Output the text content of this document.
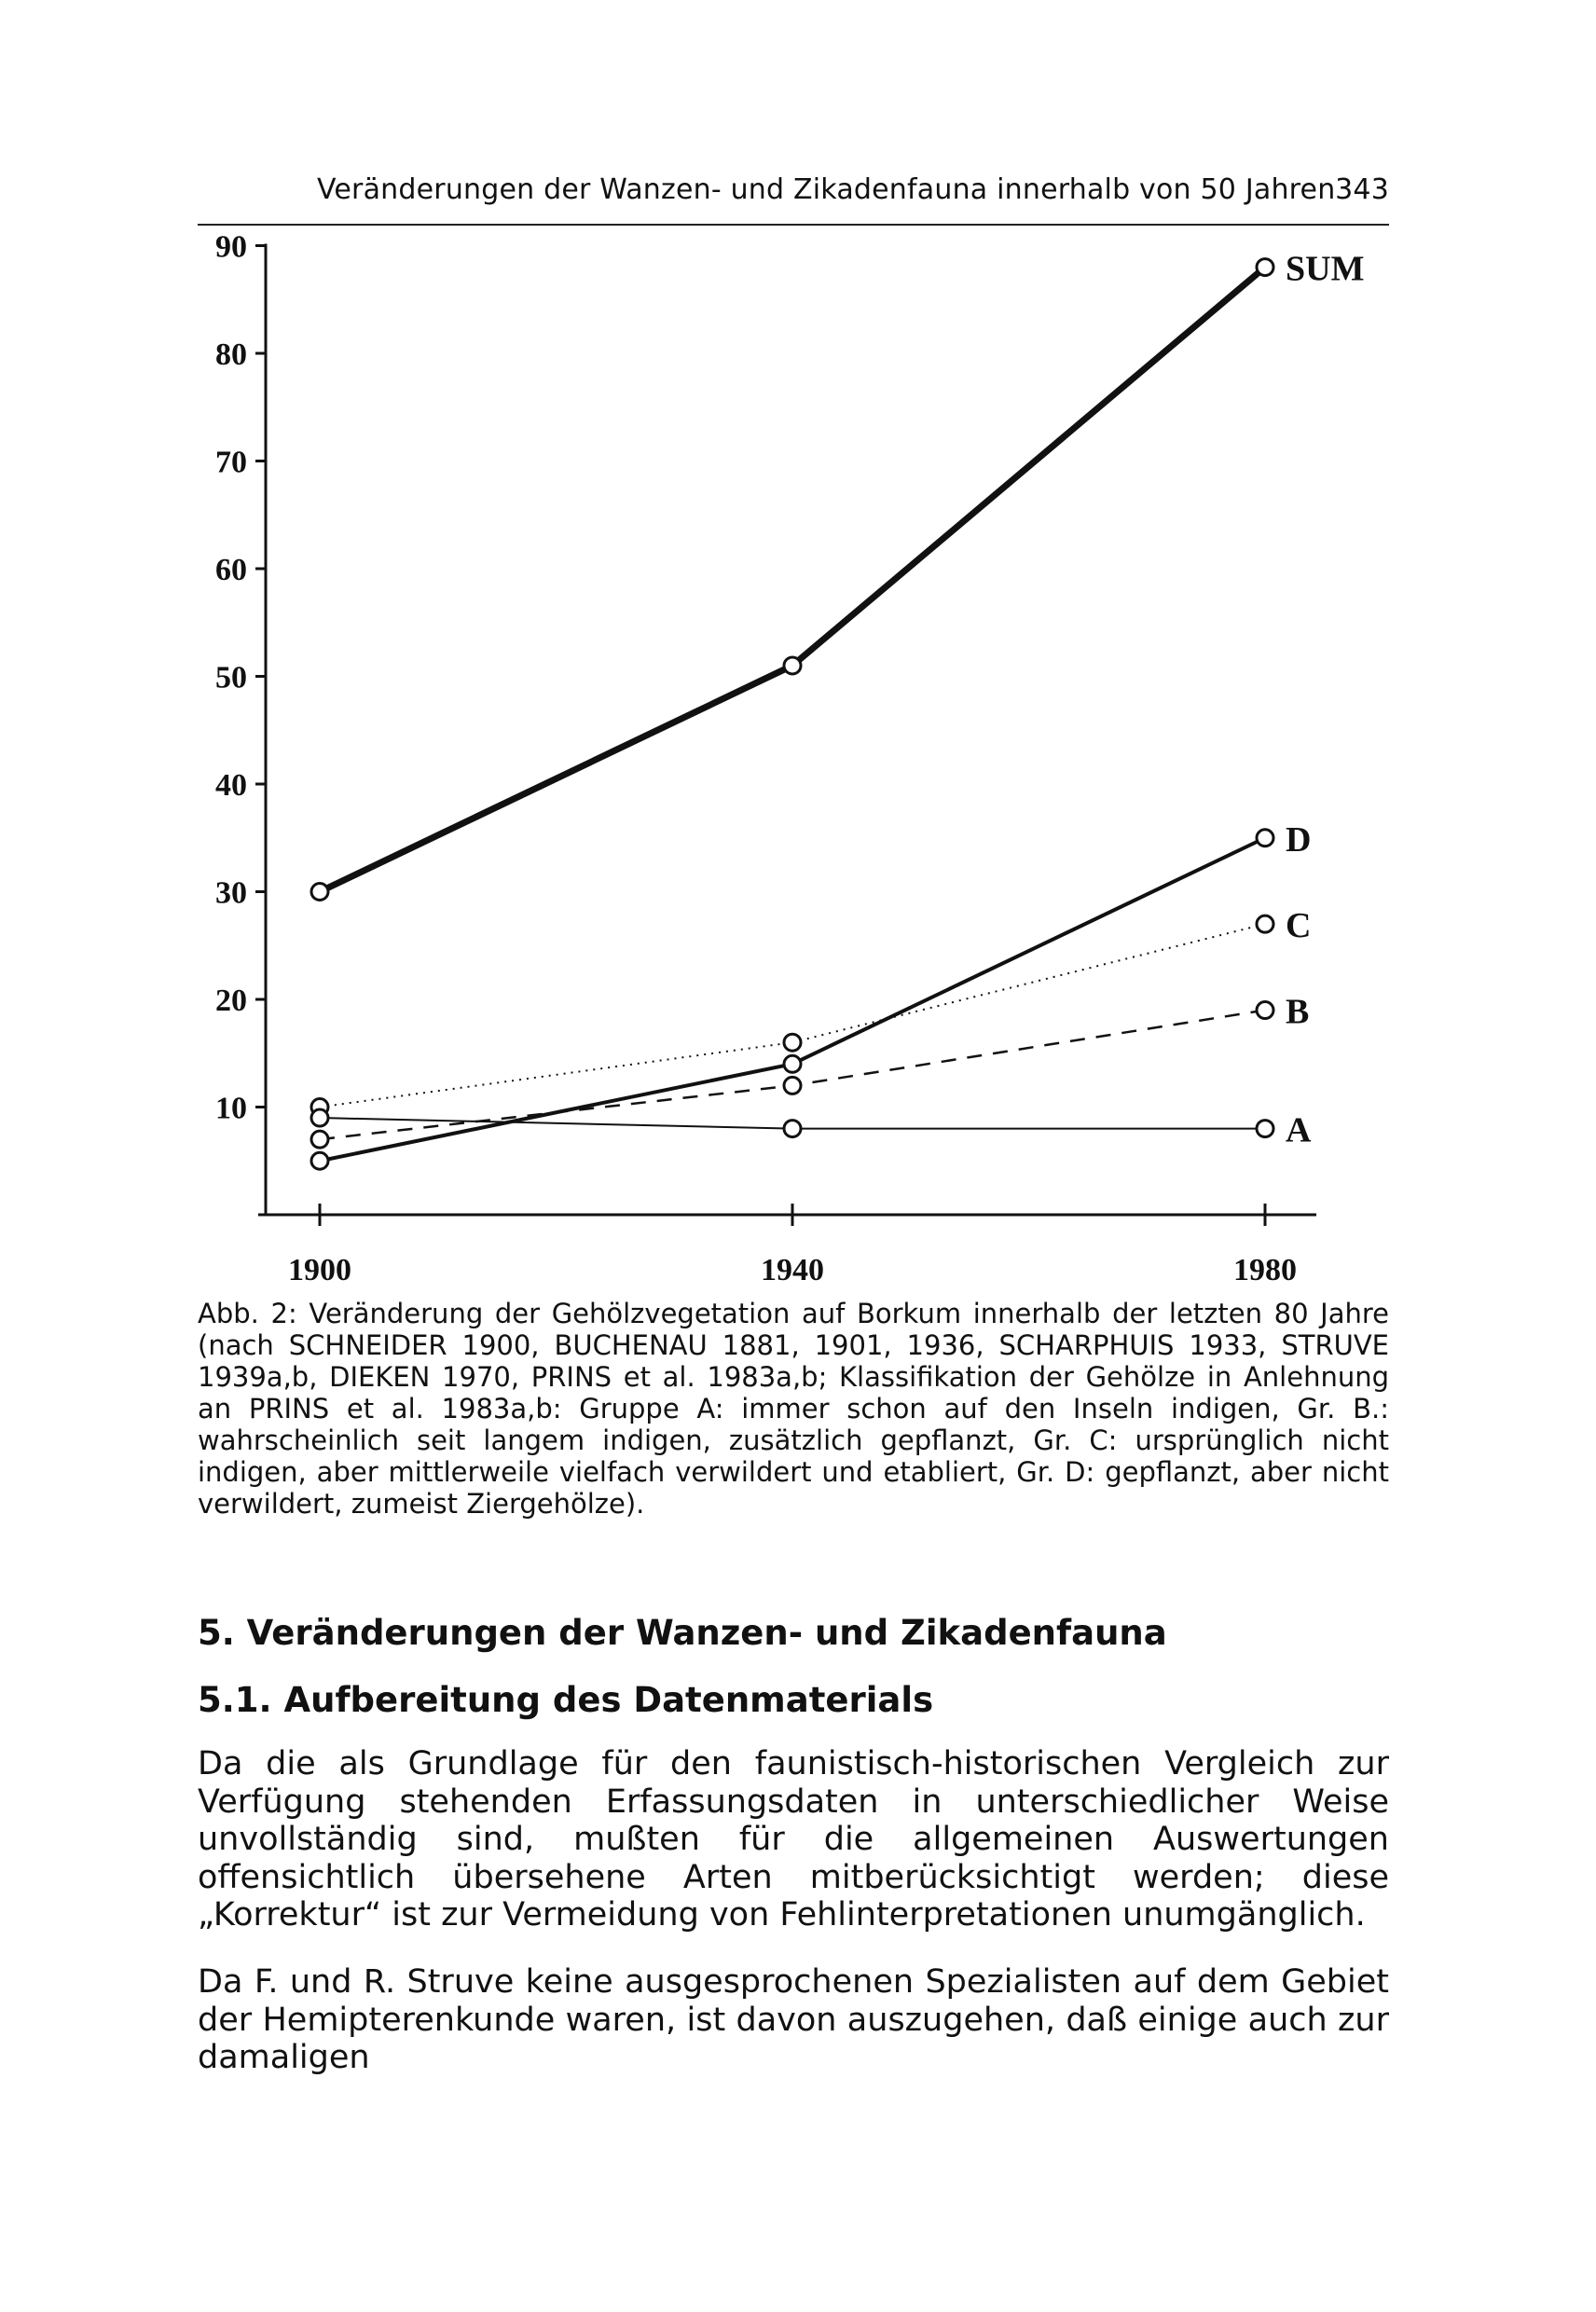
Veränderungen der Wanzen- und Zikadenfauna innerhalb von 50 Jahren 343
10
20
30
40
50
60
70
80
90
1900	1940	1980
SUM
D
C
B
A
Abb. 2: Veränderung der Gehölzvegetation auf Borkum innerhalb der letzten 80 Jahre (nach SCHNEIDER 1900, BUCHENAU 1881, 1901, 1936, SCHARPHUIS 1933, STRUVE 1939a,b, DIEKEN 1970, PRINS et al. 1983a,b; Klassifikation der Gehölze in Anlehnung an PRINS et al. 1983a,b: Gruppe A: immer schon auf den Inseln indigen, Gr. B.: wahrscheinlich seit langem indigen, zusätzlich gepflanzt, Gr. C: ursprünglich nicht indigen, aber mittlerweile vielfach verwildert und etabliert, Gr. D: gepflanzt, aber nicht verwildert, zumeist Ziergehölze).
5. Veränderungen der Wanzen- und Zikadenfauna
5.1. Aufbereitung des Datenmaterials
Da die als Grundlage für den faunistisch-historischen Vergleich zur Verfügung stehenden Erfassungsdaten in unterschiedlicher Weise unvollständig sind, mußten für die allgemeinen Auswertungen offensichtlich übersehene Arten mitberücksichtigt werden; diese „Korrektur“ ist zur Vermeidung von Fehlinterpretationen unumgänglich.
Da F. und R. Struve keine ausgesprochenen Spezialisten auf dem Gebiet der Hemipterenkunde waren, ist davon auszugehen, daß einige auch zur damaligen
